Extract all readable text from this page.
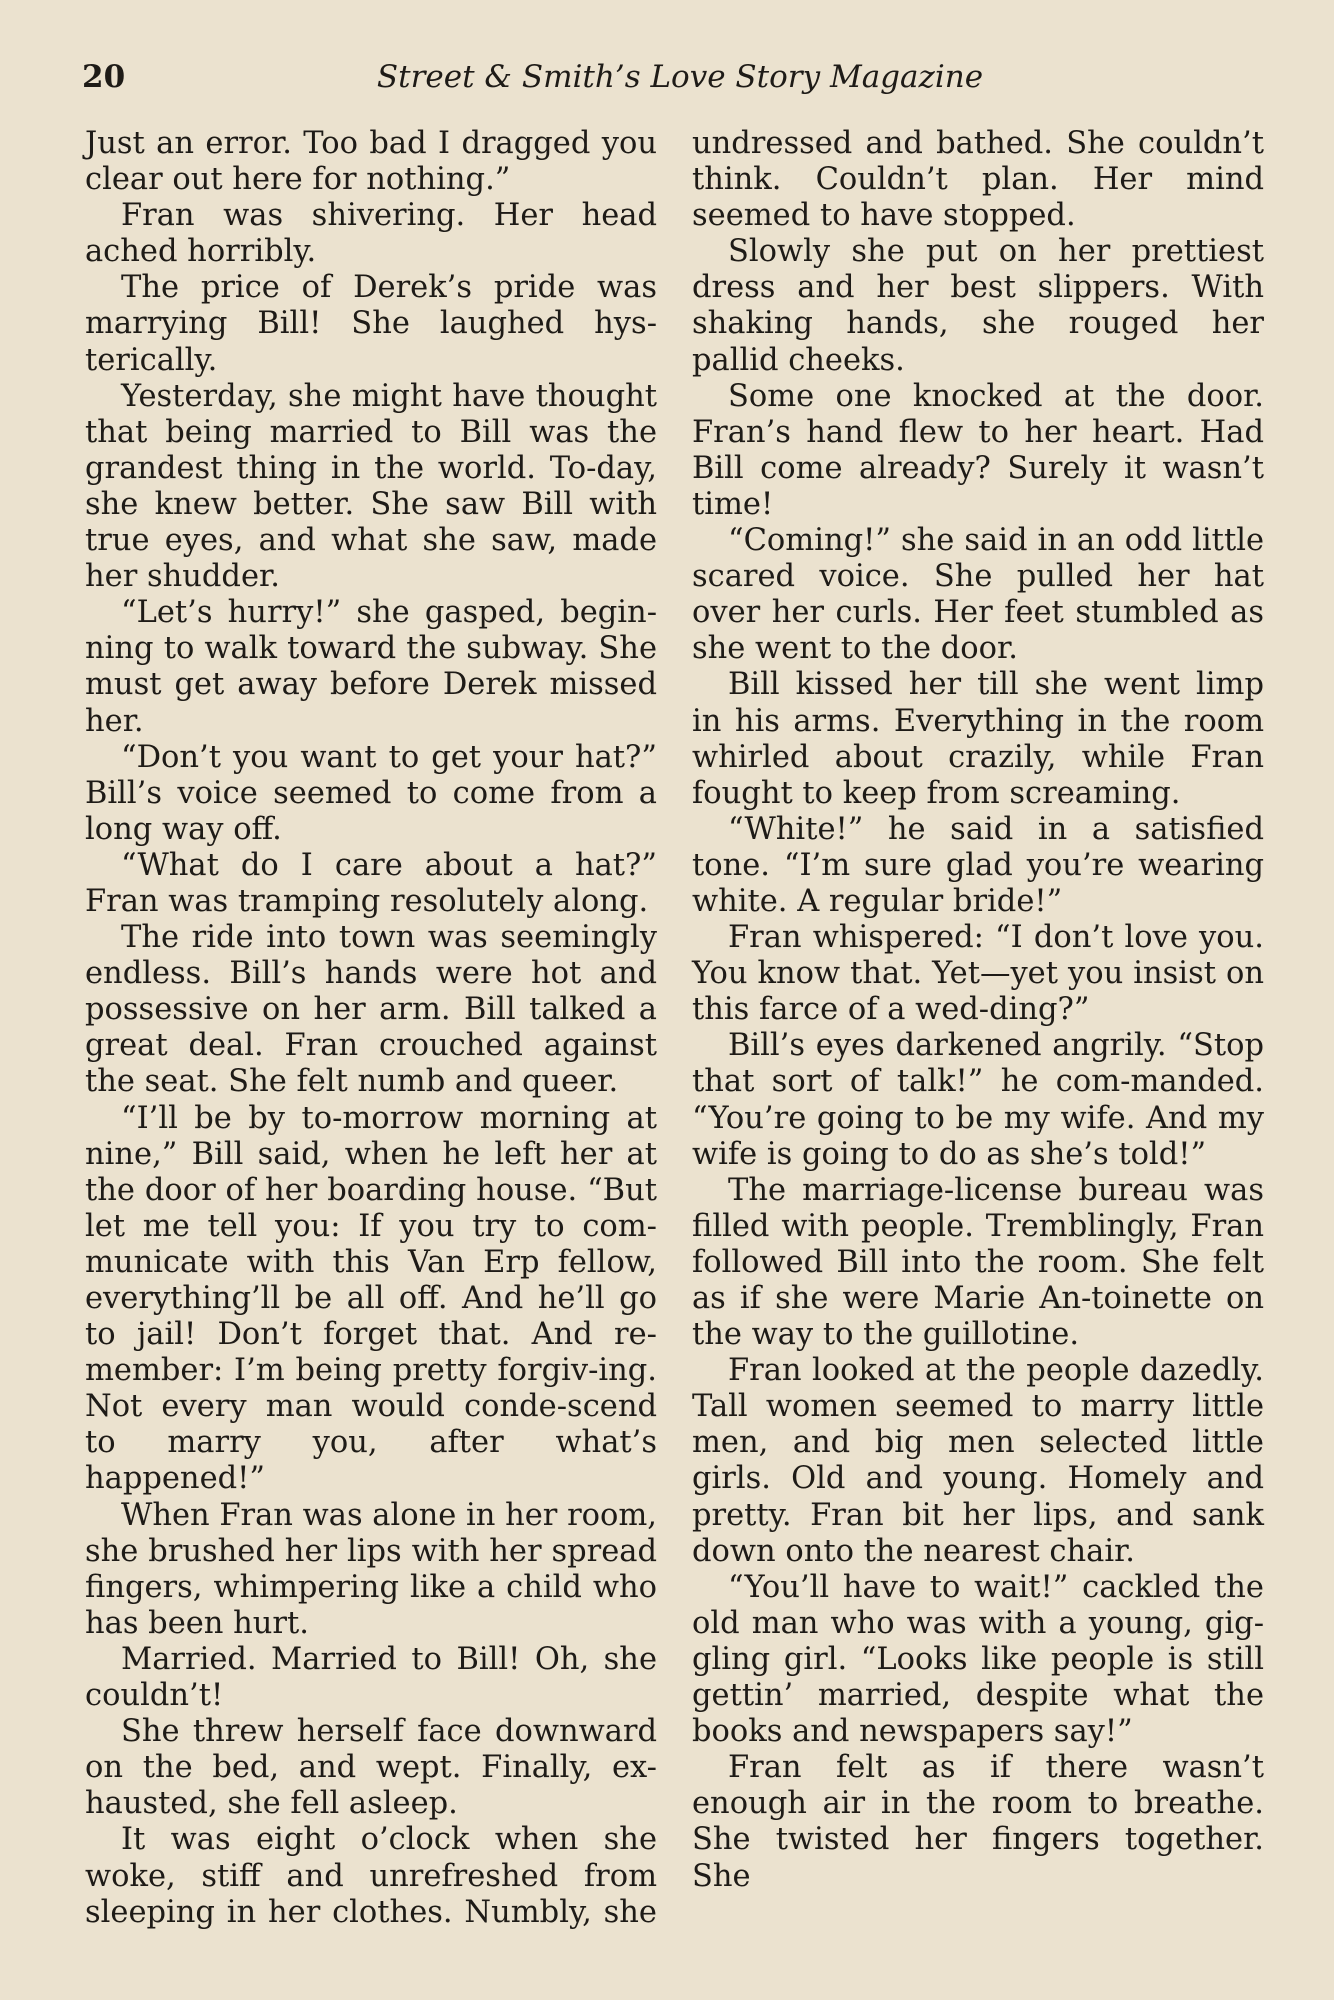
20	Street & Smith’s Love Story Magazine

Just an error. Too bad I dragged you clear out here for nothing.”

Fran was shivering. Her head ached horribly.

The price of Derek’s pride was marrying Bill! She laughed hys-terically.

Yesterday, she might have thought that being married to Bill was the grandest thing in the world. To-day, she knew better. She saw Bill with true eyes, and what she saw, made her shudder.

“Let’s hurry!” she gasped, begin-ning to walk toward the subway. She must get away before Derek missed her.

“Don’t you want to get your hat?” Bill’s voice seemed to come from a long way off.

“What do I care about a hat?” Fran was tramping resolutely along.

The ride into town was seemingly endless. Bill’s hands were hot and possessive on her arm. Bill talked a great deal. Fran crouched against the seat. She felt numb and queer.

“I’ll be by to-morrow morning at nine,” Bill said, when he left her at the door of her boarding house. “But let me tell you: If you try to com-municate with this Van Erp fellow, everything’ll be all off. And he’ll go to jail! Don’t forget that. And re-member: I’m being pretty forgiv-ing. Not every man would conde-scend to marry you, after what’s happened!”

When Fran was alone in her room, she brushed her lips with her spread fingers, whimpering like a child who has been hurt.

Married. Married to Bill! Oh, she couldn’t!

She threw herself face downward on the bed, and wept. Finally, ex-hausted, she fell asleep.

It was eight o’clock when she woke, stiff and unrefreshed from sleeping in her clothes. Numbly, she

undressed and bathed. She couldn’t think. Couldn’t plan. Her mind seemed to have stopped.

Slowly she put on her prettiest dress and her best slippers. With shaking hands, she rouged her pallid cheeks.

Some one knocked at the door. Fran’s hand flew to her heart. Had Bill come already? Surely it wasn’t time!

“Coming!” she said in an odd little scared voice. She pulled her hat over her curls. Her feet stumbled as she went to the door.

Bill kissed her till she went limp in his arms. Everything in the room whirled about crazily, while Fran fought to keep from screaming.

“White!” he said in a satisfied tone. “I’m sure glad you’re wearing white. A regular bride!”

Fran whispered: “I don’t love you. You know that. Yet—yet you insist on this farce of a wed-ding?”

Bill’s eyes darkened angrily. “Stop that sort of talk!” he com-manded. “You’re going to be my wife. And my wife is going to do as she’s told!”

The marriage-license bureau was filled with people. Tremblingly, Fran followed Bill into the room. She felt as if she were Marie An-toinette on the way to the guillotine.

Fran looked at the people dazedly. Tall women seemed to marry little men, and big men selected little girls. Old and young. Homely and pretty. Fran bit her lips, and sank down onto the nearest chair.

“You’ll have to wait!” cackled the old man who was with a young, gig-gling girl. “Looks like people is still gettin’ married, despite what the books and newspapers say!”

Fran felt as if there wasn’t enough air in the room to breathe. She twisted her fingers together. She
